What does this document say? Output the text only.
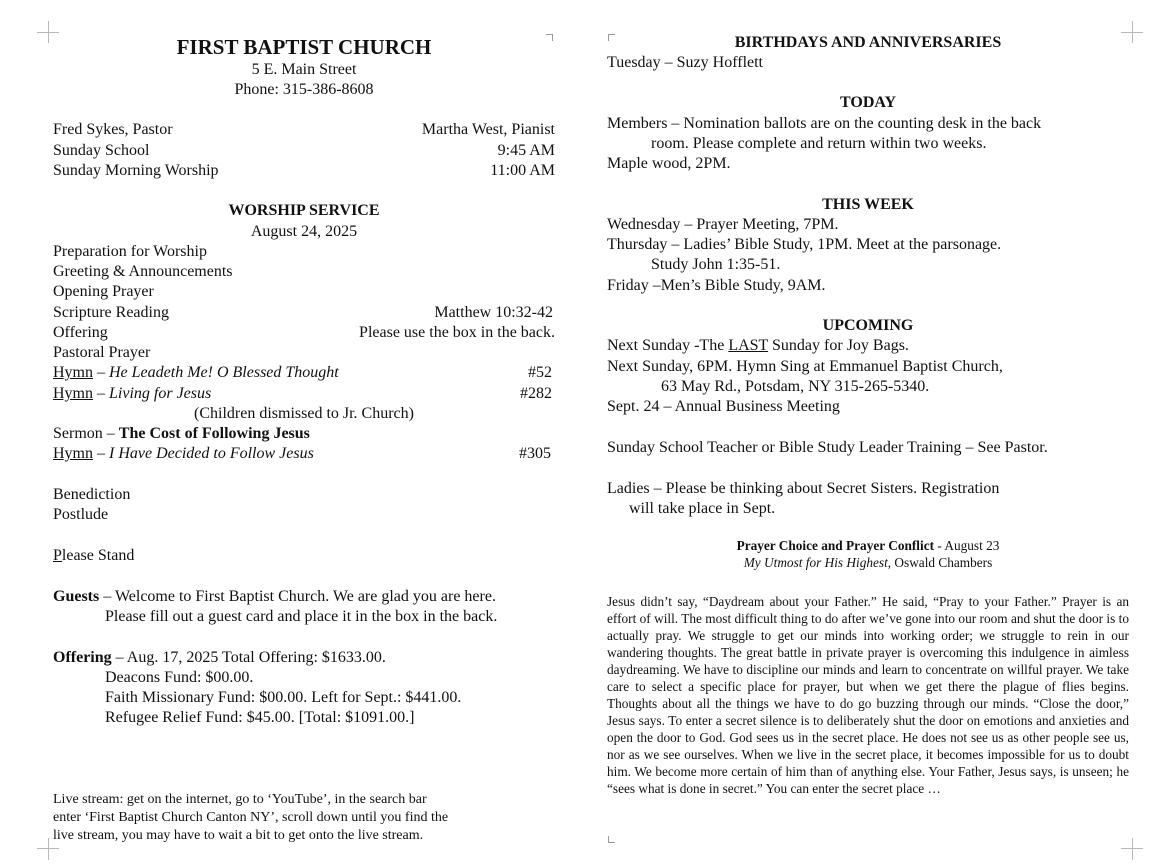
FIRST BAPTIST CHURCH
5 E. Main Street
Phone: 315-386-8608
Fred Sykes, Pastor	Martha West, Pianist
Sunday School	9:45 AM
Sunday Morning Worship	11:00 AM
WORSHIP SERVICE
August 24, 2025
Preparation for Worship
Greeting & Announcements
Opening Prayer
Scripture Reading	Matthew 10:32-42
Offering	Please use the box in the back.
Pastoral Prayer
Hymn – He Leadeth Me! O Blessed Thought	#52
Hymn – Living for Jesus	#282
(Children dismissed to Jr. Church)
Sermon – The Cost of Following Jesus
Hymn – I Have Decided to Follow Jesus	#305
Benediction
Postlude
Please Stand
Guests – Welcome to First Baptist Church. We are glad you are here.
Please fill out a guest card and place it in the box in the back.
Offering – Aug. 17, 2025 Total Offering: $1633.00.
Deacons Fund: $00.00.
Faith Missionary Fund: $00.00. Left for Sept.: $441.00.
Refugee Relief Fund: $45.00. [Total: $1091.00.]
Live stream: get on the internet, go to ‘YouTube’, in the search bar
enter ‘First Baptist Church Canton NY’, scroll down until you find the
live stream, you may have to wait a bit to get onto the live stream.
BIRTHDAYS AND ANNIVERSARIES
Tuesday – Suzy Hofflett
TODAY
Members – Nomination ballots are on the counting desk in the back
room. Please complete and return within two weeks.
Maple wood, 2PM.
THIS WEEK
Wednesday – Prayer Meeting, 7PM.
Thursday – Ladies’ Bible Study, 1PM. Meet at the parsonage.
Study John 1:35-51.
Friday –Men’s Bible Study, 9AM.
UPCOMING
Next Sunday -The LAST Sunday for Joy Bags.
Next Sunday, 6PM. Hymn Sing at Emmanuel Baptist Church,
63 May Rd., Potsdam, NY 315-265-5340.
Sept. 24 – Annual Business Meeting
Sunday School Teacher or Bible Study Leader Training – See Pastor.
Ladies – Please be thinking about Secret Sisters. Registration
will take place in Sept.
Prayer Choice and Prayer Conflict - August 23
My Utmost for His Highest, Oswald Chambers
Jesus didn’t say, “Daydream about your Father.” He said, “Pray to your Father.” Prayer is an effort of will. The most difficult thing to do after we’ve gone into our room and shut the door is to actually pray. We struggle to get our minds into working order; we struggle to rein in our wandering thoughts. The great battle in private prayer is overcoming this indulgence in aimless daydreaming. We have to discipline our minds and learn to concentrate on willful prayer. We take care to select a specific place for prayer, but when we get there the plague of flies begins. Thoughts about all the things we have to do go buzzing through our minds. “Close the door,” Jesus says. To enter a secret silence is to deliberately shut the door on emotions and anxieties and open the door to God. God sees us in the secret place. He does not see us as other people see us, nor as we see ourselves. When we live in the secret place, it becomes impossible for us to doubt him. We become more certain of him than of anything else. Your Father, Jesus says, is unseen; he “sees what is done in secret.” You can enter the secret place …
